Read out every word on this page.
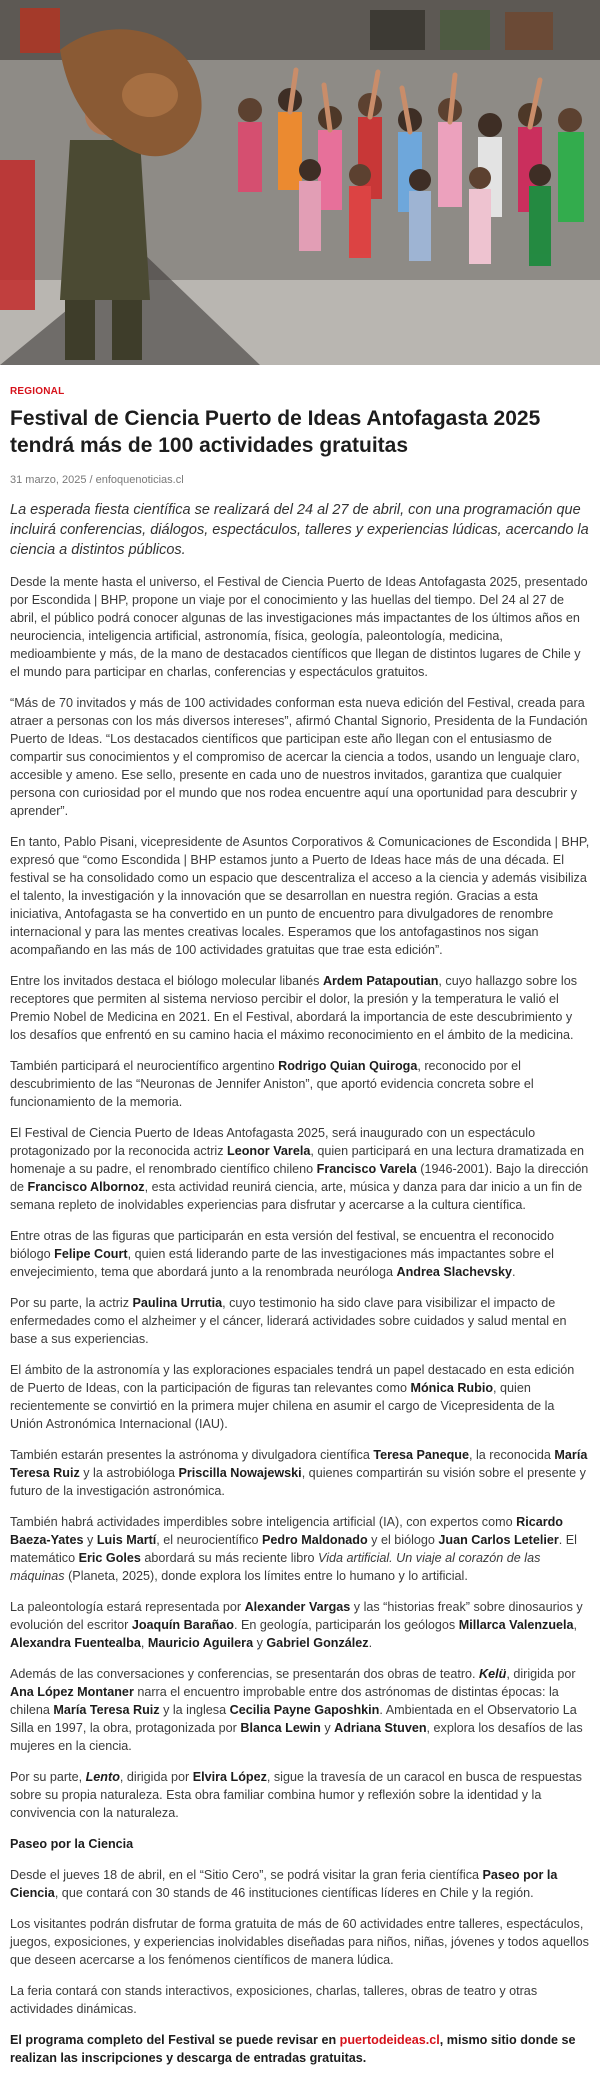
REGIONAL
Festival de Ciencia Puerto de Ideas Antofagasta 2025 tendrá más de 100 actividades gratuitas
31 marzo, 2025 / enfoquenoticias.cl

La esperada fiesta científica se realizará del 24 al 27 de abril, con una programación que incluirá conferencias, diálogos, espectáculos, talleres y experiencias lúdicas, acercando la ciencia a distintos públicos.

Desde la mente hasta el universo, el Festival de Ciencia Puerto de Ideas Antofagasta 2025, presentado por Escondida | BHP, propone un viaje por el conocimiento y las huellas del tiempo. Del 24 al 27 de abril, el público podrá conocer algunas de las investigaciones más impactantes de los últimos años en neurociencia, inteligencia artificial, astronomía, física, geología, paleontología, medicina, medioambiente y más, de la mano de destacados científicos que llegan de distintos lugares de Chile y el mundo para participar en charlas, conferencias y espectáculos gratuitos.

“Más de 70 invitados y más de 100 actividades conforman esta nueva edición del Festival, creada para atraer a personas con los más diversos intereses”, afirmó Chantal Signorio, Presidenta de la Fundación Puerto de Ideas. “Los destacados científicos que participan este año llegan con el entusiasmo de compartir sus conocimientos y el compromiso de acercar la ciencia a todos, usando un lenguaje claro, accesible y ameno. Ese sello, presente en cada uno de nuestros invitados, garantiza que cualquier persona con curiosidad por el mundo que nos rodea encuentre aquí una oportunidad para descubrir y aprender”.

En tanto, Pablo Pisani, vicepresidente de Asuntos Corporativos & Comunicaciones de Escondida | BHP, expresó que “como Escondida | BHP estamos junto a Puerto de Ideas hace más de una década. El festival se ha consolidado como un espacio que descentraliza el acceso a la ciencia y además visibiliza el talento, la investigación y la innovación que se desarrollan en nuestra región. Gracias a esta iniciativa, Antofagasta se ha convertido en un punto de encuentro para divulgadores de renombre internacional y para las mentes creativas locales. Esperamos que los antofagastinos nos sigan acompañando en las más de 100 actividades gratuitas que trae esta edición”.

Entre los invitados destaca el biólogo molecular libanés Ardem Patapoutian, cuyo hallazgo sobre los receptores que permiten al sistema nervioso percibir el dolor, la presión y la temperatura le valió el Premio Nobel de Medicina en 2021. En el Festival, abordará la importancia de este descubrimiento y los desafíos que enfrentó en su camino hacia el máximo reconocimiento en el ámbito de la medicina.

También participará el neurocientífico argentino Rodrigo Quian Quiroga, reconocido por el descubrimiento de las “Neuronas de Jennifer Aniston”, que aportó evidencia concreta sobre el funcionamiento de la memoria.

El Festival de Ciencia Puerto de Ideas Antofagasta 2025, será inaugurado con un espectáculo protagonizado por la reconocida actriz Leonor Varela, quien participará en una lectura dramatizada en homenaje a su padre, el renombrado científico chileno Francisco Varela (1946-2001). Bajo la dirección de Francisco Albornoz, esta actividad reunirá ciencia, arte, música y danza para dar inicio a un fin de semana repleto de inolvidables experiencias para disfrutar y acercarse a la cultura científica.

Entre otras de las figuras que participarán en esta versión del festival, se encuentra el reconocido biólogo Felipe Court, quien está liderando parte de las investigaciones más impactantes sobre el envejecimiento, tema que abordará junto a la renombrada neuróloga Andrea Slachevsky.

Por su parte, la actriz Paulina Urrutia, cuyo testimonio ha sido clave para visibilizar el impacto de enfermedades como el alzheimer y el cáncer, liderará actividades sobre cuidados y salud mental en base a sus experiencias.

El ámbito de la astronomía y las exploraciones espaciales tendrá un papel destacado en esta edición de Puerto de Ideas, con la participación de figuras tan relevantes como Mónica Rubio, quien recientemente se convirtió en la primera mujer chilena en asumir el cargo de Vicepresidenta de la Unión Astronómica Internacional (IAU).

También estarán presentes la astrónoma y divulgadora científica Teresa Paneque, la reconocida María Teresa Ruiz y la astrobióloga Priscilla Nowajewski, quienes compartirán su visión sobre el presente y futuro de la investigación astronómica.

También habrá actividades imperdibles sobre inteligencia artificial (IA), con expertos como Ricardo Baeza-Yates y Luis Martí, el neurocientífico Pedro Maldonado y el biólogo Juan Carlos Letelier. El matemático Eric Goles abordará su más reciente libro Vida artificial. Un viaje al corazón de las máquinas (Planeta, 2025), donde explora los límites entre lo humano y lo artificial.

La paleontología estará representada por Alexander Vargas y las “historias freak” sobre dinosaurios y evolución del escritor Joaquín Barañao. En geología, participarán los geólogos Millarca Valenzuela, Alexandra Fuentealba, Mauricio Aguilera y Gabriel González.

Además de las conversaciones y conferencias, se presentarán dos obras de teatro. Kelü, dirigida por Ana López Montaner narra el encuentro improbable entre dos astrónomas de distintas épocas: la chilena María Teresa Ruiz y la inglesa Cecilia Payne Gaposhkin. Ambientada en el Observatorio La Silla en 1997, la obra, protagonizada por Blanca Lewin y Adriana Stuven, explora los desafíos de las mujeres en la ciencia.

Por su parte, Lento, dirigida por Elvira López, sigue la travesía de un caracol en busca de respuestas sobre su propia naturaleza. Esta obra familiar combina humor y reflexión sobre la identidad y la convivencia con la naturaleza.

Paseo por la Ciencia

Desde el jueves 18 de abril, en el “Sitio Cero”, se podrá visitar la gran feria científica Paseo por la Ciencia, que contará con 30 stands de 46 instituciones científicas líderes en Chile y la región.

Los visitantes podrán disfrutar de forma gratuita de más de 60 actividades entre talleres, espectáculos, juegos, exposiciones, y experiencias inolvidables diseñadas para niños, niñas, jóvenes y todos aquellos que deseen acercarse a los fenómenos científicos de manera lúdica.

La feria contará con stands interactivos, exposiciones, charlas, talleres, obras de teatro y otras actividades dinámicas.

El programa completo del Festival se puede revisar en puertodeideas.cl, mismo sitio donde se realizan las inscripciones y descarga de entradas gratuitas.
